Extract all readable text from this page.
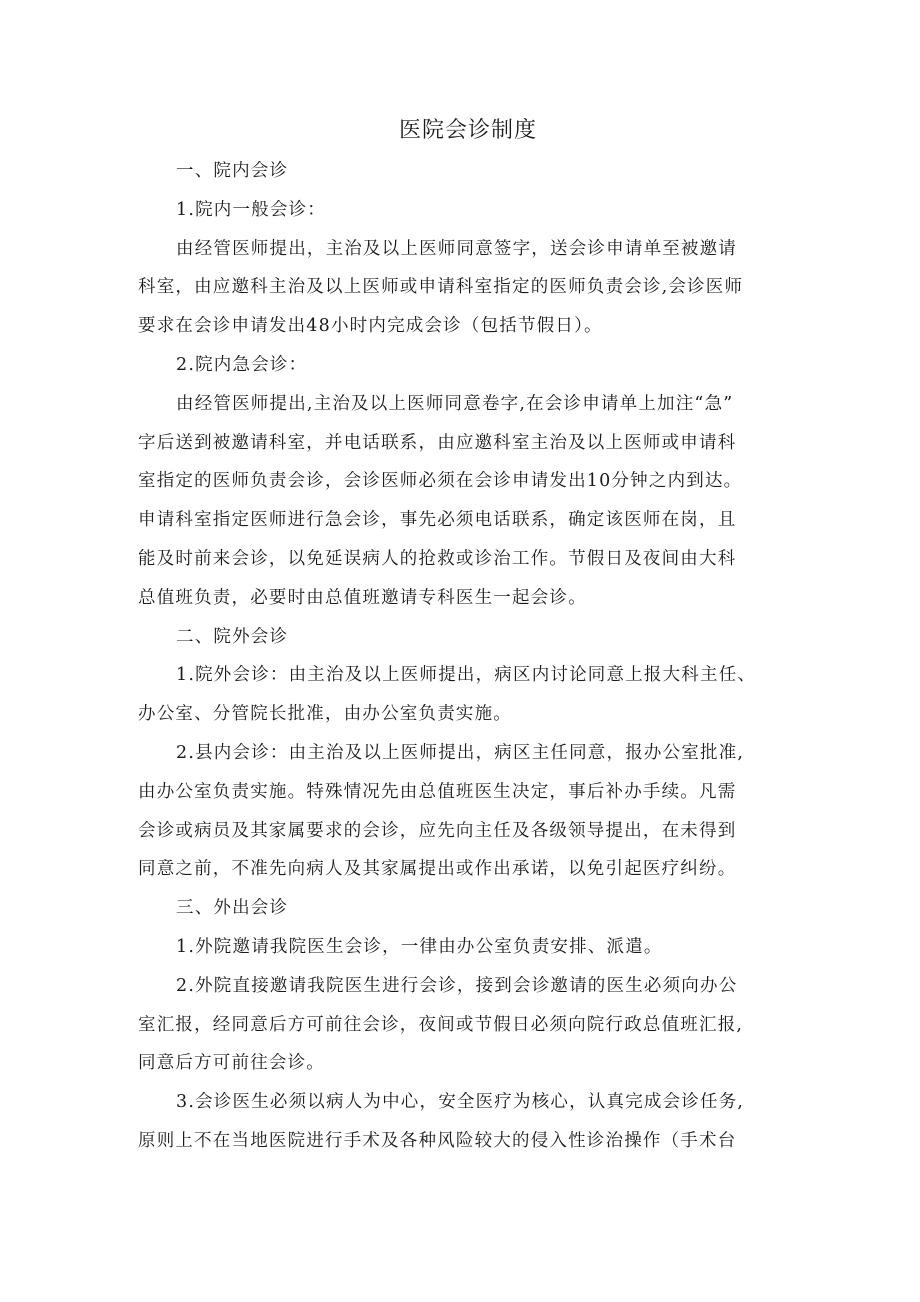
医院会诊制度

一、院内会诊

1.院内一般会诊：

由经管医师提出，主治及以上医师同意签字，送会诊申请单至被邀请

科室，由应邀科主治及以上医师或申请科室指定的医师负责会诊,会诊医师

要求在会诊申请发出48小时内完成会诊（包括节假日）。

2.院内急会诊：

由经管医师提出,主治及以上医师同意卷字,在会诊申请单上加注“急”

字后送到被邀请科室，并电话联系，由应邀科室主治及以上医师或申请科

室指定的医师负责会诊，会诊医师必须在会诊申请发出10分钟之内到达。

申请科室指定医师进行急会诊，事先必须电话联系，确定该医师在岗，且

能及时前来会诊，以免延误病人的抢救或诊治工作。节假日及夜间由大科

总值班负责，必要时由总值班邀请专科医生一起会诊。

二、院外会诊

1.院外会诊：由主治及以上医师提出，病区内讨论同意上报大科主任、

办公室、分管院长批准，由办公室负责实施。

2.县内会诊：由主治及以上医师提出，病区主任同意，报办公室批准,

由办公室负责实施。特殊情况先由总值班医生决定，事后补办手续。凡需

会诊或病员及其家属要求的会诊，应先向主任及各级领导提出，在未得到

同意之前，不准先向病人及其家属提出或作出承诺，以免引起医疗纠纷。

三、外出会诊

1.外院邀请我院医生会诊，一律由办公室负责安排、派遣。

2.外院直接邀请我院医生进行会诊，接到会诊邀请的医生必须向办公

室汇报，经同意后方可前往会诊，夜间或节假日必须向院行政总值班汇报,

同意后方可前往会诊。

3.会诊医生必须以病人为中心，安全医疗为核心，认真完成会诊任务,

原则上不在当地医院进行手术及各种风险较大的侵入性诊治操作（手术台
